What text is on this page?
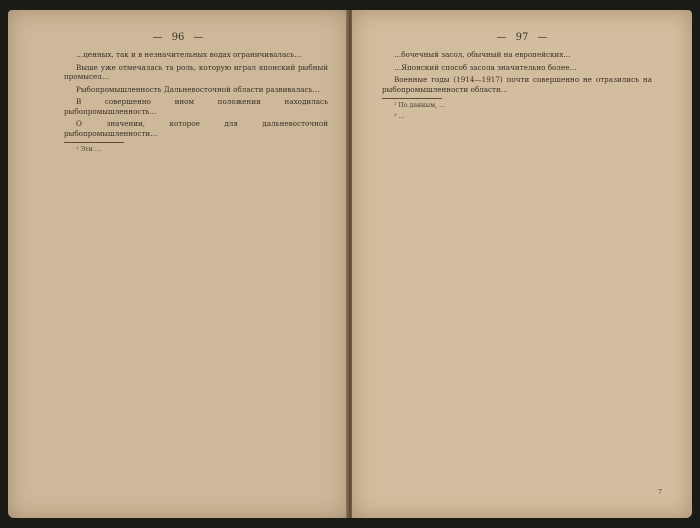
— 96 —

…ценных, так и в незначительных водах ограничивалась…

Выше уже отмечалась та роль, которую играл японский рыбный промысел…

Рыбопромышленность Дальневосточной области развивалась…

В совершенно ином положении находилась рыбопромышленность…

О значении, которое для дальневосточной рыбопромышленности…

¹ Эти …

— 97 —

…бочечный засол, обычный на европейских…

…Японский способ засола значительно более…

Военные годы (1914—1917) почти совершенно не отразились на рыбопромышленности области…

¹ По данным, …

² …

7
